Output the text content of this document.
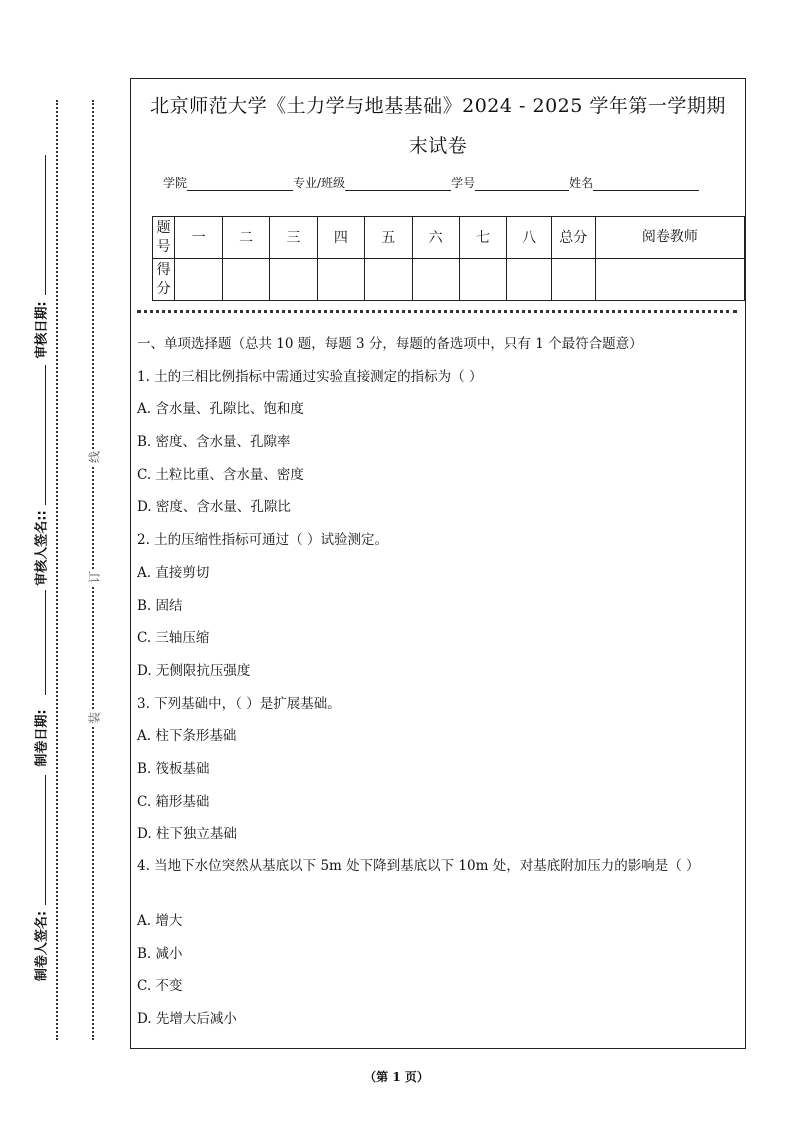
审核日期:
审核人签名::
制卷日期:
制卷人签名:
装
订
线
北京师范大学《土力学与地基基础》2024 - 2025 学年第一学期期
末试卷
学院	专业/班级	学号	姓名
题号	一	二	三	四	五	六	七	八	总分	阅卷教师
得分										
一、单项选择题（总共 10 题，每题 3 分，每题的备选项中，只有 1 个最符合题意）
1. 土的三相比例指标中需通过实验直接测定的指标为（ ）
A. 含水量、孔隙比、饱和度
B. 密度、含水量、孔隙率
C. 土粒比重、含水量、密度
D. 密度、含水量、孔隙比
2. 土的压缩性指标可通过（ ）试验测定。
A. 直接剪切
B. 固结
C. 三轴压缩
D. 无侧限抗压强度
3. 下列基础中，（ ）是扩展基础。
A. 柱下条形基础
B. 筏板基础
C. 箱形基础
D. 柱下独立基础
4. 当地下水位突然从基底以下 5m 处下降到基底以下 10m 处，对基底附加压力的影响是（ ）
A. 增大
B. 减小
C. 不变
D. 先增大后减小
（第 1 页）
